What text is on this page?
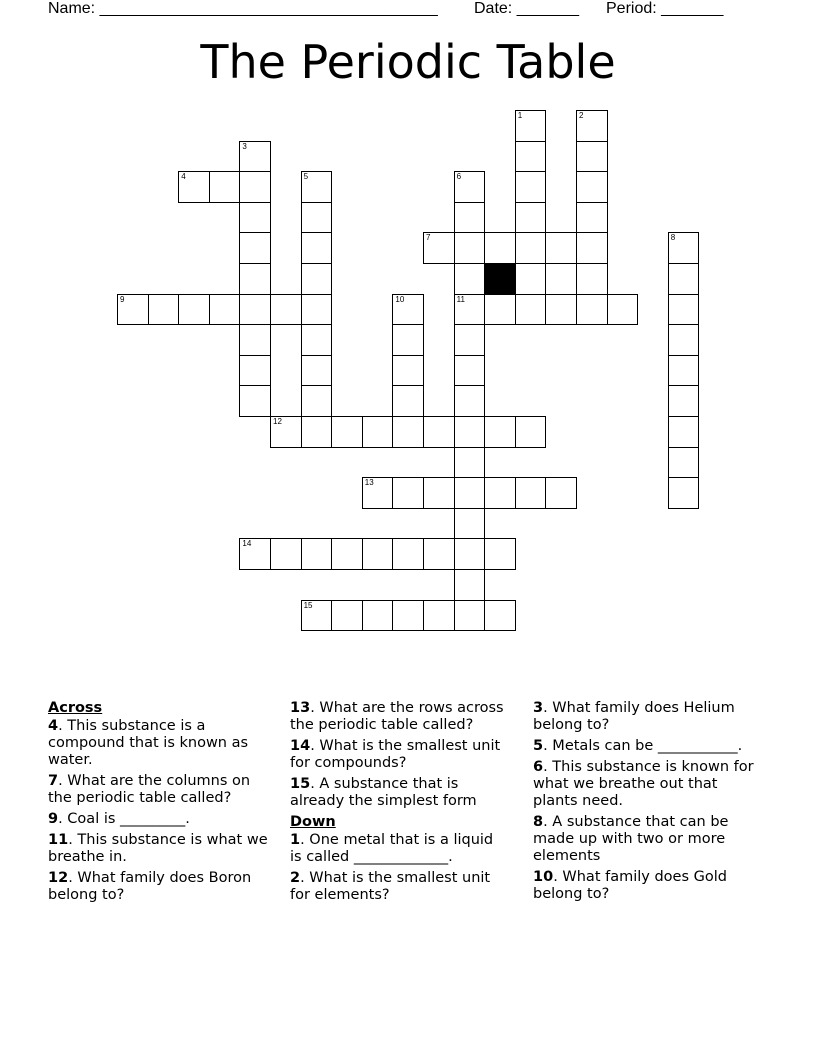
Name: ______________________________________ Date: _______ Period: _______
The Periodic Table
1	2
3
4	5	6
11
7	8
9	10
12
13
14
15
Across
4. This substance is a compound that is known as water.
7. What are the columns on the periodic table called?
9. Coal is _________.
11. This substance is what we breathe in.
12. What family does Boron belong to?
13. What are the rows across the periodic table called?
14. What is the smallest unit for compounds?
15. A substance that is already the simplest form
Down
1. One metal that is a liquid is called _____________.
2. What is the smallest unit for elements?
3. What family does Helium belong to?
5. Metals can be ___________.
6. This substance is known for what we breathe out that plants need.
8. A substance that can be made up with two or more elements
10. What family does Gold belong to?
